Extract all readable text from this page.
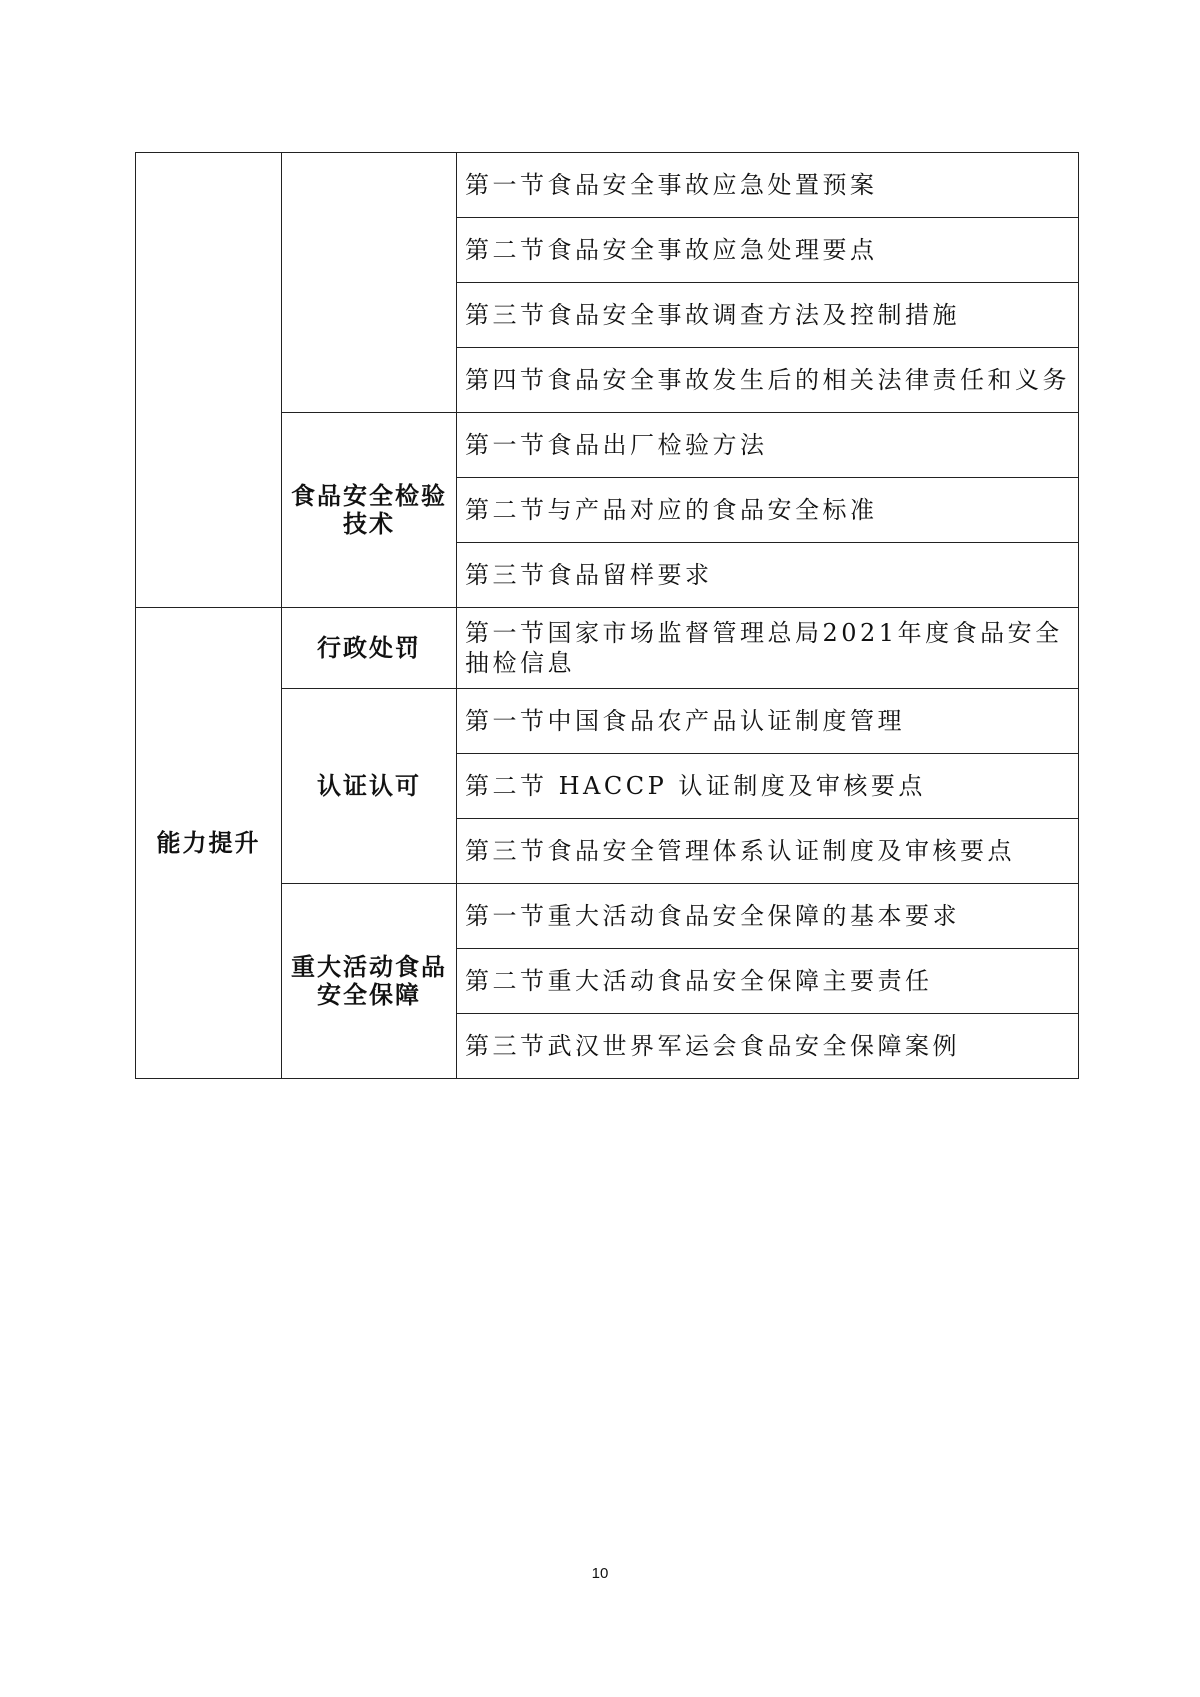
		第一节食品安全事故应急处置预案
		第二节食品安全事故应急处理要点
		第三节食品安全事故调查方法及控制措施
		第四节食品安全事故发生后的相关法律责任和义务
	食品安全检验技术	第一节食品出厂检验方法
		第二节与产品对应的食品安全标准
		第三节食品留样要求
能力提升	行政处罚	第一节国家市场监督管理总局2021年度食品安全抽检信息
	认证认可	第一节中国食品农产品认证制度管理
		第二节 HACCP 认证制度及审核要点
		第三节食品安全管理体系认证制度及审核要点
	重大活动食品安全保障	第一节重大活动食品安全保障的基本要求
		第二节重大活动食品安全保障主要责任
		第三节武汉世界军运会食品安全保障案例
10
